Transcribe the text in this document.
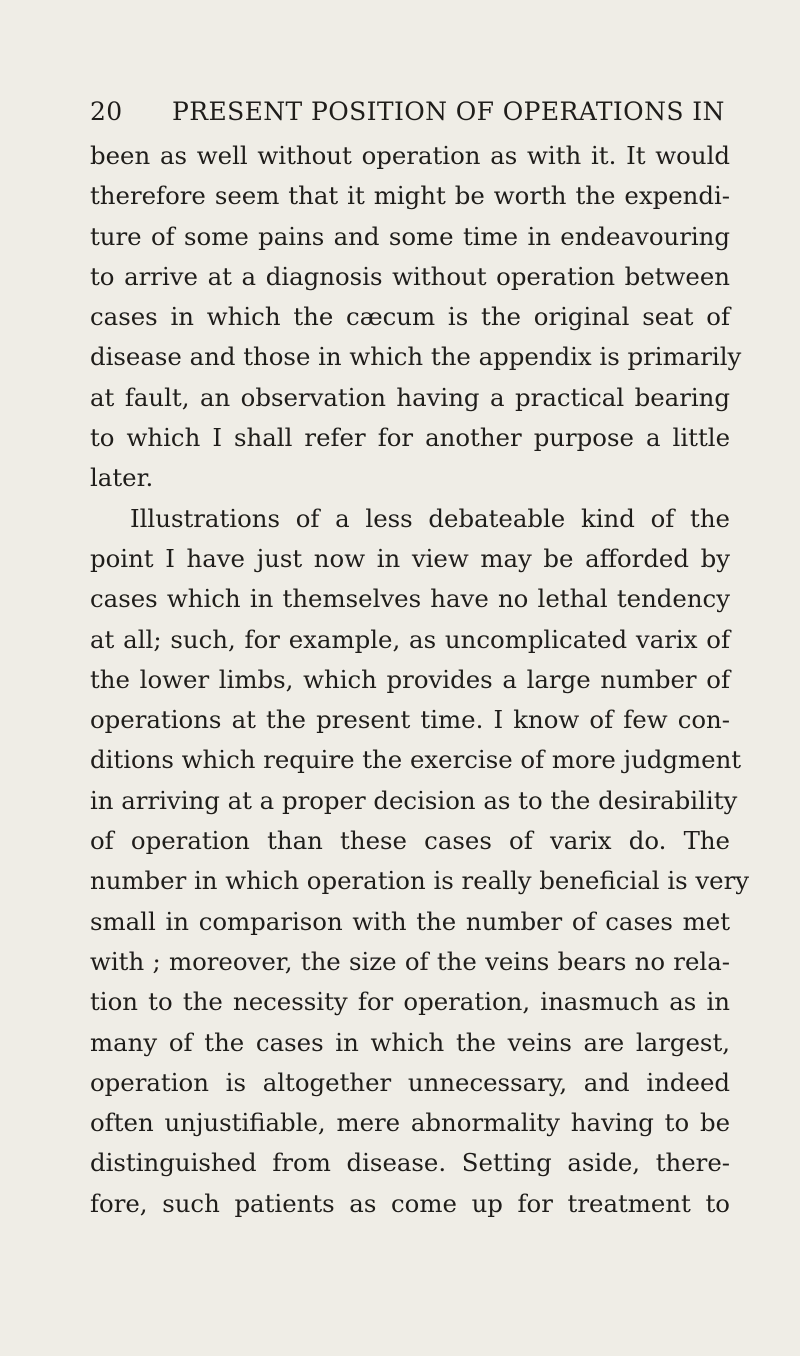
20 PRESENT POSITION OF OPERATIONS IN
been as well without operation as with it. It would
therefore seem that it might be worth the expendi-
ture of some pains and some time in endeavouring
to arrive at a diagnosis without operation between
cases in which the cæcum is the original seat of
disease and those in which the appendix is primarily
at fault, an observation having a practical bearing
to which I shall refer for another purpose a little
later.
Illustrations of a less debateable kind of the
point I have just now in view may be afforded by
cases which in themselves have no lethal tendency
at all; such, for example, as uncomplicated varix of
the lower limbs, which provides a large number of
operations at the present time. I know of few con-
ditions which require the exercise of more judgment
in arriving at a proper decision as to the desirability
of operation than these cases of varix do. The
number in which operation is really beneficial is very
small in comparison with the number of cases met
with ; moreover, the size of the veins bears no rela-
tion to the necessity for operation, inasmuch as in
many of the cases in which the veins are largest,
operation is altogether unnecessary, and indeed
often unjustifiable, mere abnormality having to be
distinguished from disease. Setting aside, there-
fore, such patients as come up for treatment to
